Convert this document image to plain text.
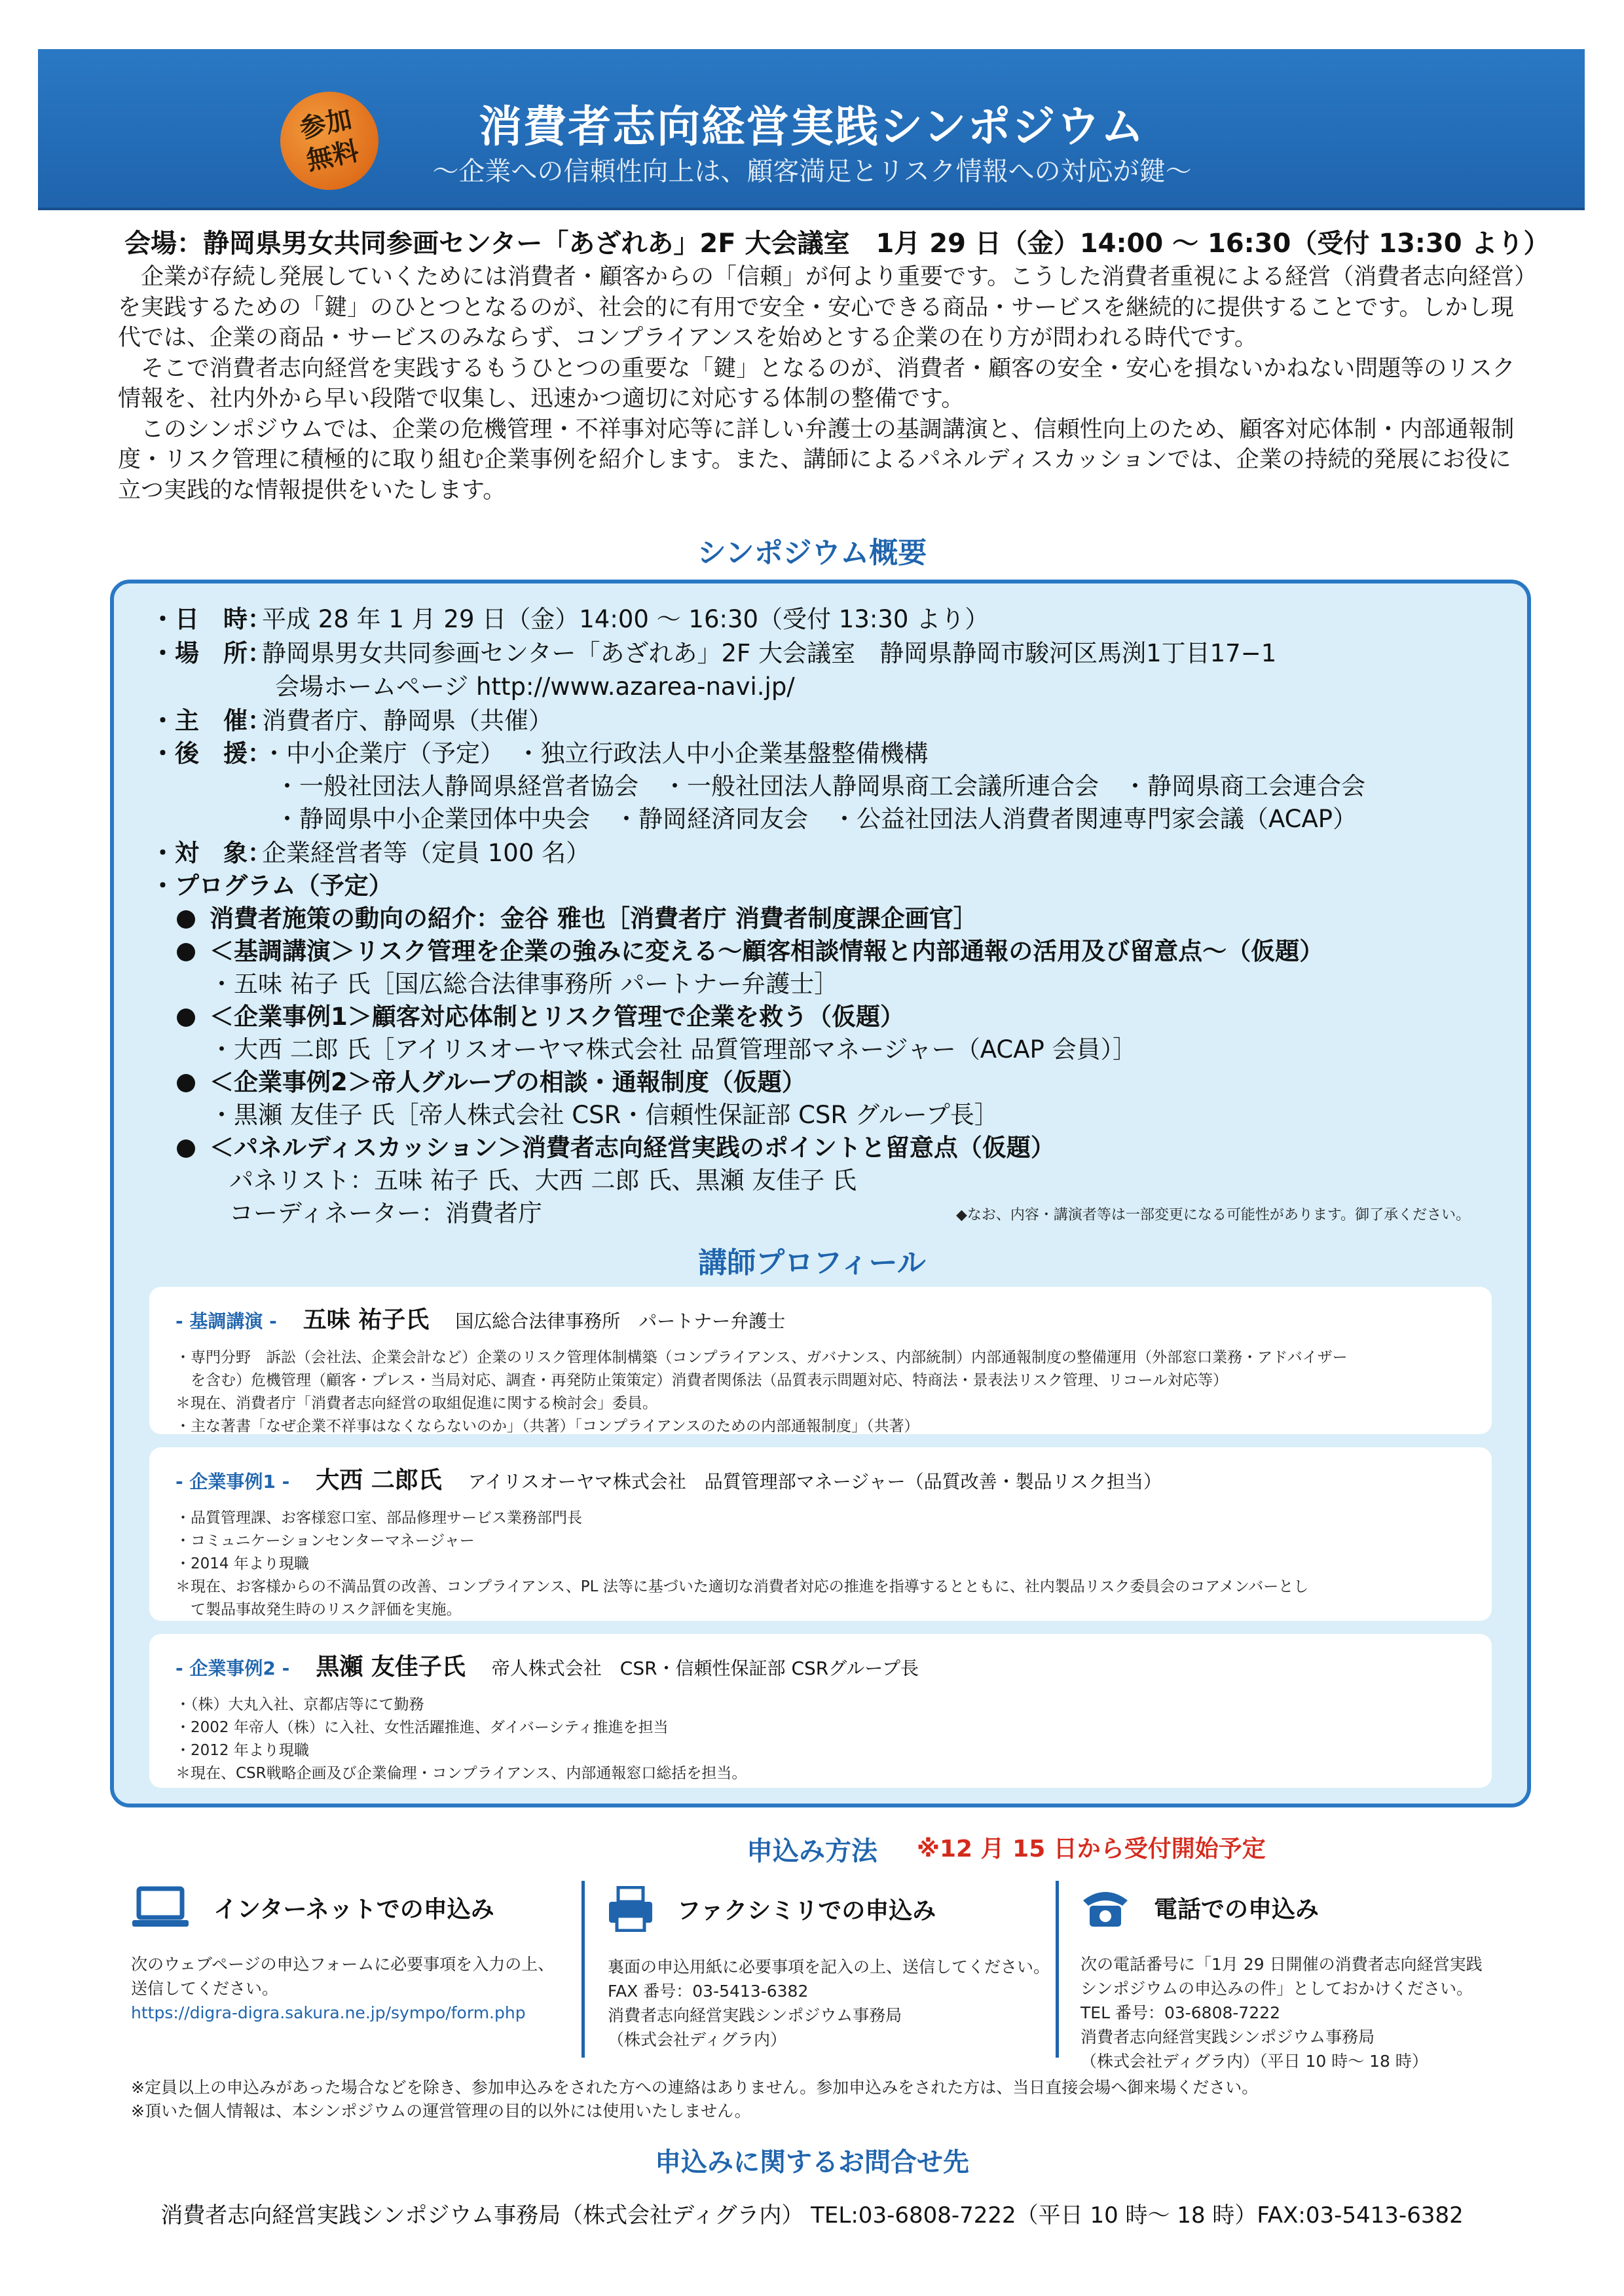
参加
無料
消費者志向経営実践シンポジウム
～企業への信頼性向上は、顧客満足とリスク情報への対応が鍵～
会場：静岡県男女共同参画センター「あざれあ」2F 大会議室　1月 29 日（金）14:00 ～ 16:30（受付 13:30 より）

企業が存続し発展していくためには消費者・顧客からの「信頼」が何より重要です。こうした消費者重視による経営（消費者志向経営）を実践するための「鍵」のひとつとなるのが、社会的に有用で安全・安心できる商品・サービスを継続的に提供することです。しかし現代では、企業の商品・サービスのみならず、コンプライアンスを始めとする企業の在り方が問われる時代です。

そこで消費者志向経営を実践するもうひとつの重要な「鍵」となるのが、消費者・顧客の安全・安心を損ないかねない問題等のリスク情報を、社内外から早い段階で収集し、迅速かつ適切に対応する体制の整備です。

このシンポジウムでは、企業の危機管理・不祥事対応等に詳しい弁護士の基調講演と、信頼性向上のため、顧客対応体制・内部通報制度・リスク管理に積極的に取り組む企業事例を紹介します。また、講師によるパネルディスカッションでは、企業の持続的発展にお役に立つ実践的な情報提供をいたします。

シンポジウム概要
・日　時：平成 28 年 1 月 29 日（金）14:00 ～ 16:30（受付 13:30 より）
・場　所：静岡県男女共同参画センター「あざれあ」2F 大会議室　静岡県静岡市駿河区馬渕1丁目17−1
会場ホームページ http://www.azarea-navi.jp/
・主　催：消費者庁、静岡県（共催）
・後　援：・中小企業庁（予定）　・独立行政法人中小企業基盤整備機構
・一般社団法人静岡県経営者協会　・一般社団法人静岡県商工会議所連合会　・静岡県商工会連合会
・静岡県中小企業団体中央会　・静岡経済同友会　・公益社団法人消費者関連専門家会議（ACAP）
・対　象：企業経営者等（定員 100 名）
・プログラム（予定）
消費者施策の動向の紹介：金谷 雅也［消費者庁 消費者制度課企画官］
＜基調講演＞リスク管理を企業の強みに変える～顧客相談情報と内部通報の活用及び留意点～（仮題）
・五味 祐子 氏［国広総合法律事務所 パートナー弁護士］
＜企業事例1＞顧客対応体制とリスク管理で企業を救う（仮題）
・大西 二郎 氏［アイリスオーヤマ株式会社 品質管理部マネージャー（ACAP 会員）］
＜企業事例2＞帝人グループの相談・通報制度（仮題）
・黒瀬 友佳子 氏［帝人株式会社 CSR・信頼性保証部 CSR グループ長］
＜パネルディスカッション＞消費者志向経営実践のポイントと留意点（仮題）
パネリスト：五味 祐子 氏、大西 二郎 氏、黒瀬 友佳子 氏
コーディネーター：消費者庁	◆なお、内容・講演者等は一部変更になる可能性があります。御了承ください。
講師プロフィール
- 基調講演 - 五味 祐子氏 国広総合法律事務所　パートナー弁護士
・専門分野　訴訟（会社法、企業会計など）企業のリスク管理体制構築（コンプライアンス、ガバナンス、内部統制）内部通報制度の整備運用（外部窓口業務・アドバイザー
　を含む）危機管理（顧客・プレス・当局対応、調査・再発防止策策定）消費者関係法（品質表示問題対応、特商法・景表法リスク管理、リコール対応等）
＊現在、消費者庁「消費者志向経営の取組促進に関する検討会」委員。
・主な著書「なぜ企業不祥事はなくならないのか」（共著）「コンプライアンスのための内部通報制度」（共著）
- 企業事例1 - 大西 二郎氏 アイリスオーヤマ株式会社　品質管理部マネージャー（品質改善・製品リスク担当）
・品質管理課、お客様窓口室、部品修理サービス業務部門長
・コミュニケーションセンターマネージャー
・2014 年より現職
＊現在、お客様からの不満品質の改善、コンプライアンス、PL 法等に基づいた適切な消費者対応の推進を指導するとともに、社内製品リスク委員会のコアメンバーとし
　て製品事故発生時のリスク評価を実施。
- 企業事例2 - 黒瀬 友佳子氏 帝人株式会社　CSR・信頼性保証部 CSRグループ長
・（株）大丸入社、京都店等にて勤務
・2002 年帝人（株）に入社、女性活躍推進、ダイバーシティ推進を担当
・2012 年より現職
＊現在、CSR戦略企画及び企業倫理・コンプライアンス、内部通報窓口総括を担当。
申込み方法 ※12 月 15 日から受付開始予定
インターネットでの申込み
次のウェブページの申込フォームに必要事項を入力の上、
送信してください。
https://digra-digra.sakura.ne.jp/sympo/form.php
ファクシミリでの申込み
裏面の申込用紙に必要事項を記入の上、送信してください。
FAX 番号：03-5413-6382
消費者志向経営実践シンポジウム事務局
（株式会社ディグラ内）
電話での申込み
次の電話番号に「1月 29 日開催の消費者志向経営実践
シンポジウムの申込みの件」としておかけください。
TEL 番号：03-6808-7222
消費者志向経営実践シンポジウム事務局
（株式会社ディグラ内）（平日 10 時～ 18 時）
※定員以上の申込みがあった場合などを除き、参加申込みをされた方への連絡はありません。参加申込みをされた方は、当日直接会場へ御来場ください。
※頂いた個人情報は、本シンポジウムの運営管理の目的以外には使用いたしません。
申込みに関するお問合せ先
消費者志向経営実践シンポジウム事務局（株式会社ディグラ内） TEL:03-6808-7222（平日 10 時～ 18 時）FAX:03-5413-6382
